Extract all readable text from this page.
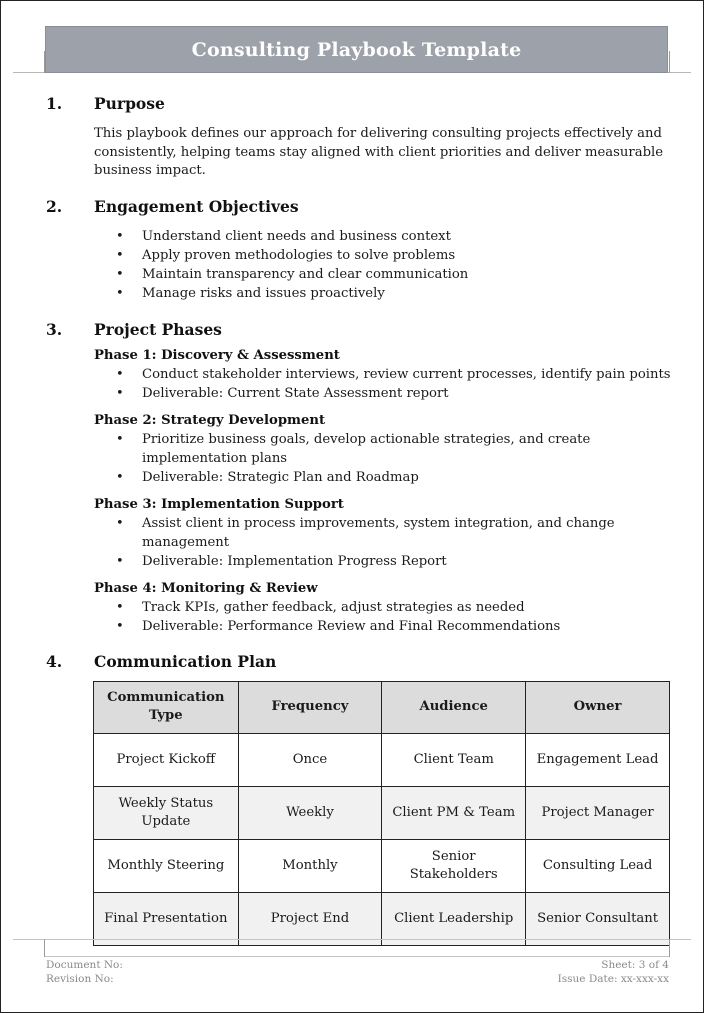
Consulting Playbook Template
1.	Purpose
This playbook defines our approach for delivering consulting projects effectively and consistently, helping teams stay aligned with client priorities and deliver measurable business impact.
2.	Engagement Objectives
• Understand client needs and business context
• Apply proven methodologies to solve problems
• Maintain transparency and clear communication
• Manage risks and issues proactively
3.	Project Phases
Phase 1: Discovery & Assessment
• Conduct stakeholder interviews, review current processes, identify pain points
• Deliverable: Current State Assessment report
Phase 2: Strategy Development
• Prioritize business goals, develop actionable strategies, and create implementation plans
• Deliverable: Strategic Plan and Roadmap
Phase 3: Implementation Support
• Assist client in process improvements, system integration, and change management
• Deliverable: Implementation Progress Report
Phase 4: Monitoring & Review
• Track KPIs, gather feedback, adjust strategies as needed
• Deliverable: Performance Review and Final Recommendations
4.	Communication Plan
Communication Type	Frequency	Audience	Owner
Project Kickoff	Once	Client Team	Engagement Lead
Weekly Status Update	Weekly	Client PM & Team	Project Manager
Monthly Steering	Monthly	Senior Stakeholders	Consulting Lead
Final Presentation	Project End	Client Leadership	Senior Consultant
Document No:
Revision No:
Sheet: 3 of 4
Issue Date: xx-xxx-xx
